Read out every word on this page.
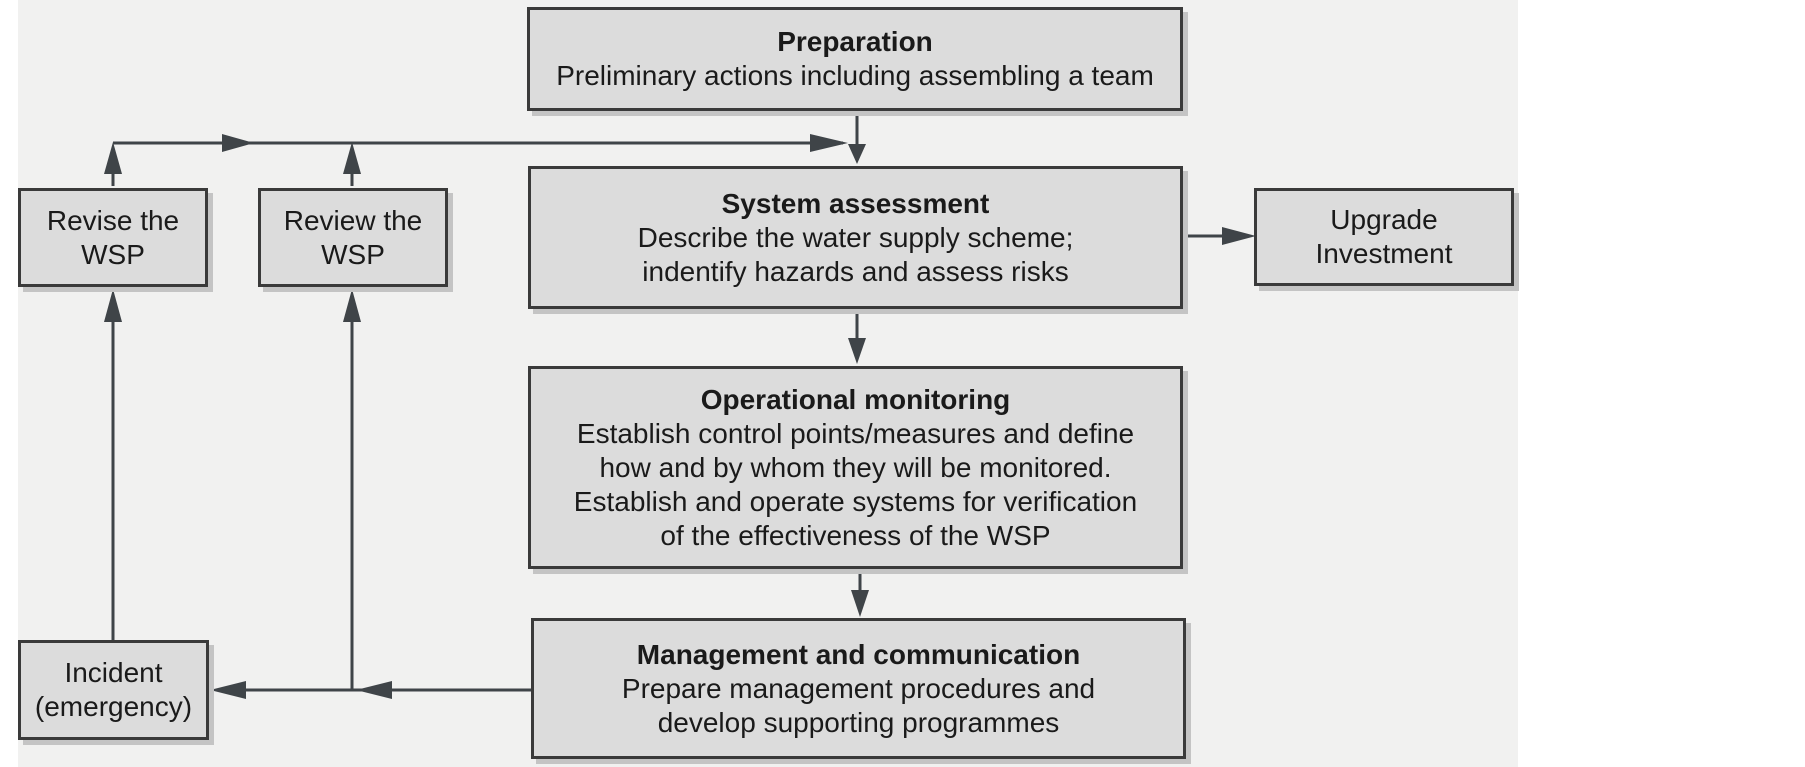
Preparation
Preliminary actions including assembling a team
System assessment
Describe the water supply scheme;
indentify hazards and assess risks
Operational monitoring
Establish control points/measures and define
how and by whom they will be monitored.
Establish and operate systems for verification
of the effectiveness of the WSP
Management and communication
Prepare management procedures and
develop supporting programmes
Upgrade
Investment
Revise the
WSP
Review the
WSP
Incident
(emergency)
